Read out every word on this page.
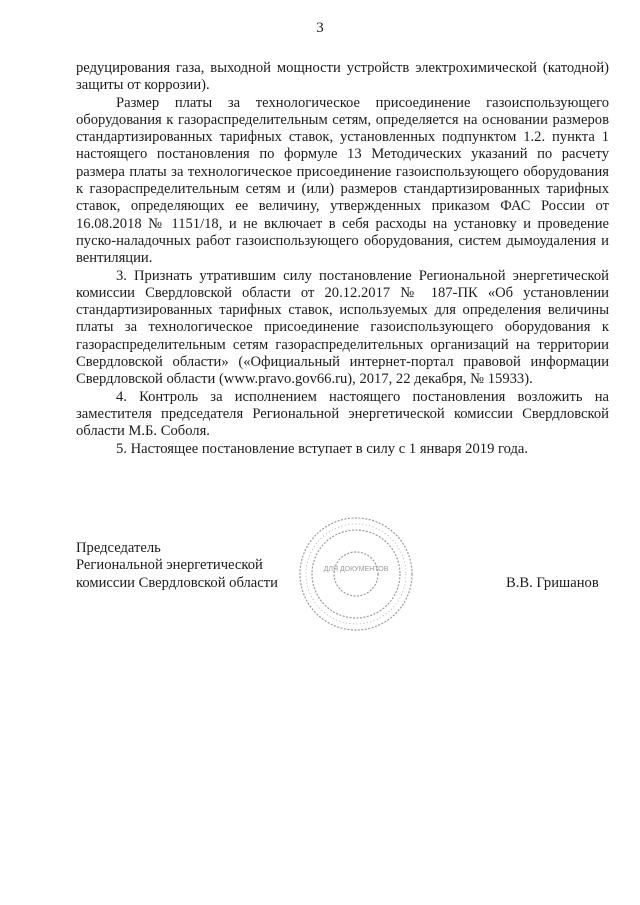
3

редуцирования газа, выходной мощности устройств электрохимической (катодной) защиты от коррозии).

Размер платы за технологическое присоединение газоиспользующего оборудования к газораспределительным сетям, определяется на основании размеров стандартизированных тарифных ставок, установленных подпунктом 1.2. пункта 1 настоящего постановления по формуле 13 Методических указаний по расчету размера платы за технологическое присоединение газоиспользующего оборудования к газораспределительным сетям и (или) размеров стандартизированных тарифных ставок, определяющих ее величину, утвержденных приказом ФАС России от 16.08.2018 № 1151/18, и не включает в себя расходы на установку и проведение пуско-наладочных работ газоиспользующего оборудования, систем дымоудаления и вентиляции.

3. Признать утратившим силу постановление Региональной энергетической комиссии Свердловской области от 20.12.2017 № 187-ПК «Об установлении стандартизированных тарифных ставок, используемых для определения величины платы за технологическое присоединение газоиспользующего оборудования к газораспределительным сетям газораспределительных организаций на территории Свердловской области» («Официальный интернет-портал правовой информации Свердловской области (www.pravo.gov66.ru), 2017, 22 декабря, № 15933).

4. Контроль за исполнением настоящего постановления возложить на заместителя председателя Региональной энергетической комиссии Свердловской области М.Б. Соболя.

5. Настоящее постановление вступает в силу с 1 января 2019 года.

Председатель
Региональной энергетической
комиссии Свердловской области
ДЛЯ ДОКУМЕНТОВ
В.В. Гришанов
